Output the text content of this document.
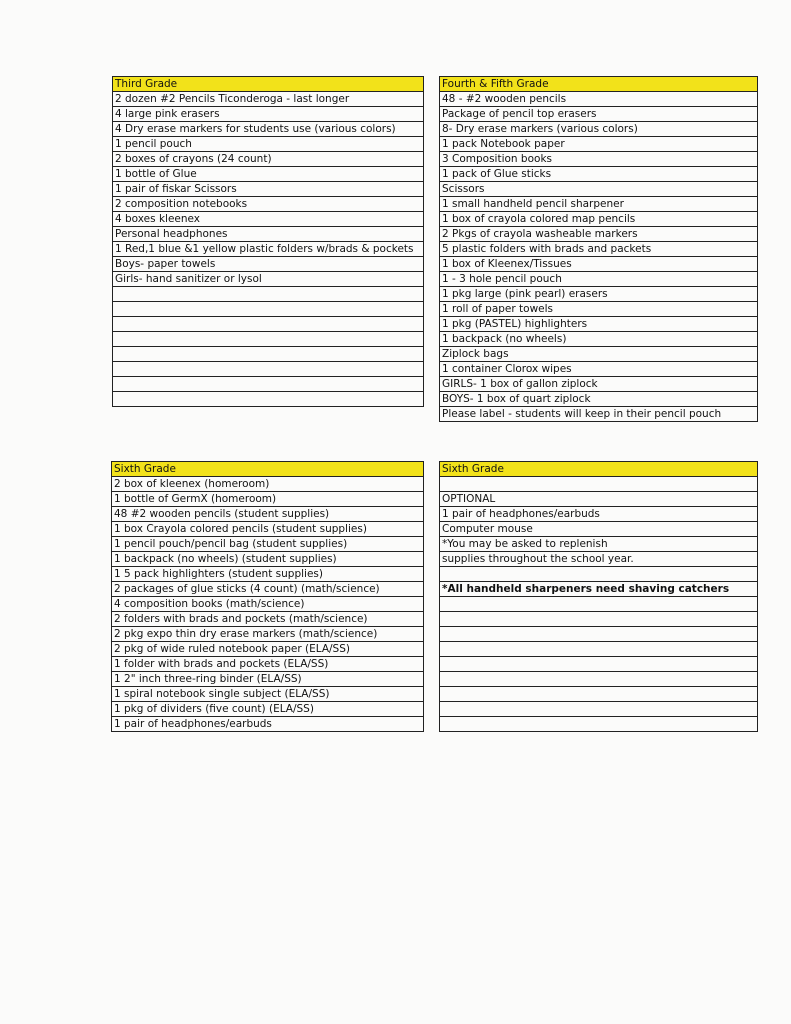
Third Grade
2 dozen #2 Pencils Ticonderoga - last longer
4 large pink erasers
4 Dry erase markers for students use (various colors)
1 pencil pouch
2 boxes of crayons (24 count)
1 bottle of Glue
1 pair of fiskar Scissors
2 composition notebooks
4 boxes kleenex
Personal headphones
1 Red,1 blue &1 yellow plastic folders w/brads & pockets
Boys- paper towels
Girls- hand sanitizer or lysol

Fourth & Fifth Grade
48 - #2 wooden pencils
Package of pencil top erasers
8- Dry erase markers (various colors)
1 pack Notebook paper
3 Composition books
1 pack of Glue sticks
Scissors
1 small handheld pencil sharpener
1 box of crayola colored map pencils
2 Pkgs of crayola washeable markers
5 plastic folders with brads and packets
1 box of Kleenex/Tissues
1 - 3 hole pencil pouch
1 pkg large (pink pearl) erasers
1 roll of paper towels
1 pkg (PASTEL) highlighters
1 backpack (no wheels)
Ziplock bags
1 container Clorox wipes
GIRLS- 1 box of gallon ziplock
BOYS- 1 box of quart ziplock
Please label - students will keep in their pencil pouch
Sixth Grade
2 box of kleenex (homeroom)
1 bottle of GermX (homeroom)
48 #2 wooden pencils (student supplies)
1 box Crayola colored pencils (student supplies)
1 pencil pouch/pencil bag (student supplies)
1 backpack (no wheels) (student supplies)
1 5 pack highlighters (student supplies)
2 packages of glue sticks (4 count) (math/science)
4 composition books (math/science)
2 folders with brads and pockets (math/science)
2 pkg expo thin dry erase markers (math/science)
2 pkg of wide ruled notebook paper (ELA/SS)
1 folder with brads and pockets (ELA/SS)
1 2" inch three-ring binder (ELA/SS)
1 spiral notebook single subject (ELA/SS)
1 pkg of dividers (five count) (ELA/SS)
1 pair of headphones/earbuds
Sixth Grade

OPTIONAL
1 pair of headphones/earbuds
Computer mouse
*You may be asked to replenish
supplies throughout the school year.

*All handheld sharpeners need shaving catchers
